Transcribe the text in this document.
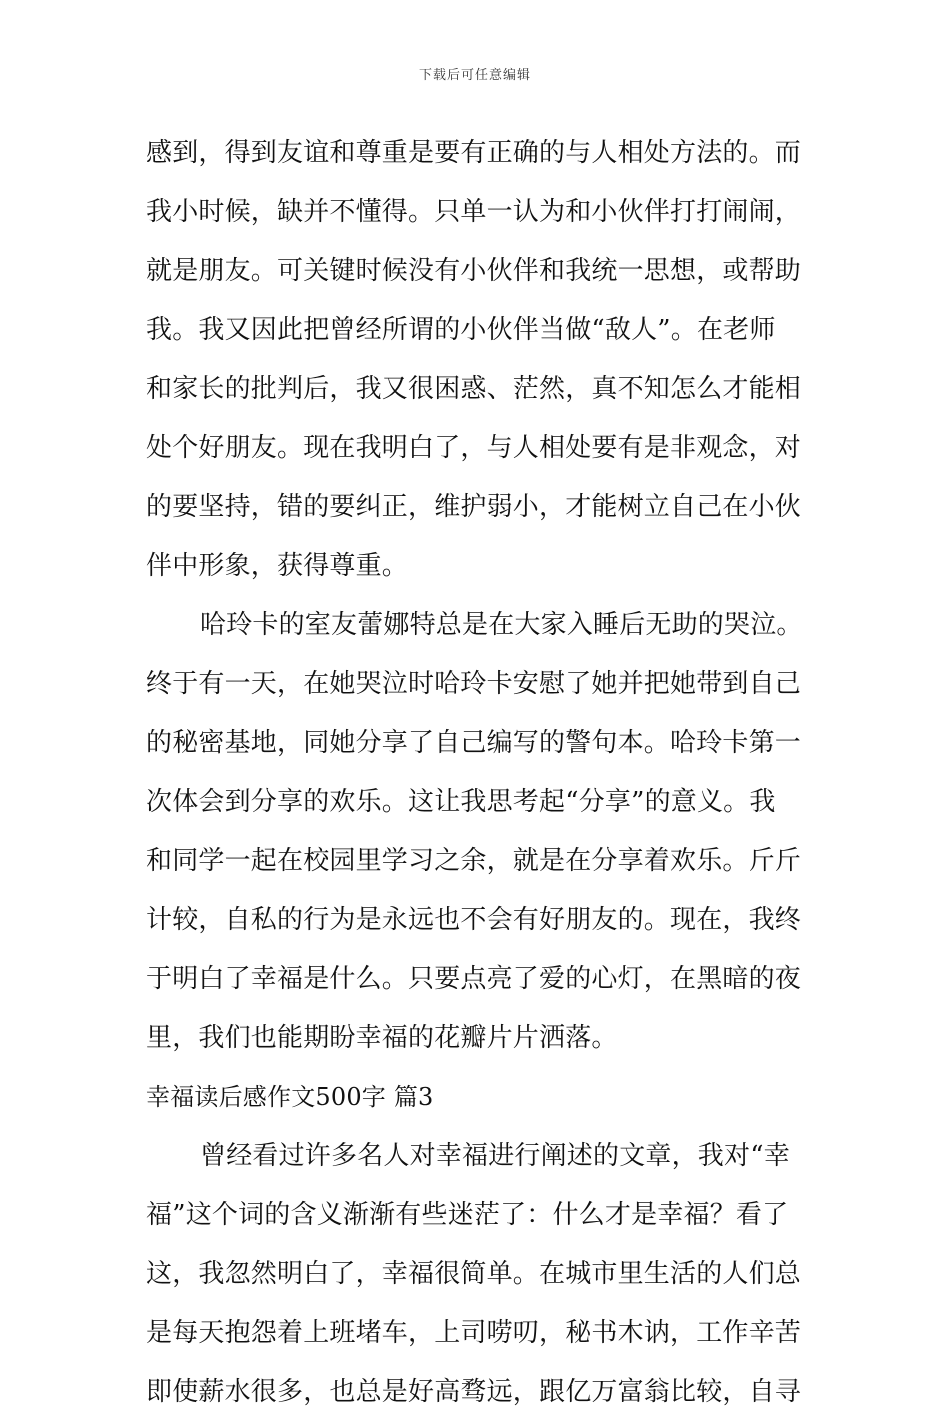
下载后可任意编辑
感到，得到友谊和尊重是要有正确的与人相处方法的。而
我小时候，缺并不懂得。只单一认为和小伙伴打打闹闹，
就是朋友。可关键时候没有小伙伴和我统一思想，或帮助
我。我又因此把曾经所谓的小伙伴当做“敌人”。在老师
和家长的批判后，我又很困惑、茫然，真不知怎么才能相
处个好朋友。现在我明白了，与人相处要有是非观念，对
的要坚持，错的要纠正，维护弱小，才能树立自己在小伙
伴中形象，获得尊重。
哈玲卡的室友蕾娜特总是在大家入睡后无助的哭泣。
终于有一天，在她哭泣时哈玲卡安慰了她并把她带到自己
的秘密基地，同她分享了自己编写的警句本。哈玲卡第一
次体会到分享的欢乐。这让我思考起“分享”的意义。我
和同学一起在校园里学习之余，就是在分享着欢乐。斤斤
计较，自私的行为是永远也不会有好朋友的。现在，我终
于明白了幸福是什么。只要点亮了爱的心灯，在黑暗的夜
里，我们也能期盼幸福的花瓣片片洒落。
幸福读后感作文500字 篇3
曾经看过许多名人对幸福进行阐述的文章，我对“幸
福”这个词的含义渐渐有些迷茫了：什么才是幸福？看了
这，我忽然明白了，幸福很简单。在城市里生活的人们总
是每天抱怨着上班堵车，上司唠叨，秘书木讷，工作辛苦
即使薪水很多，也总是好高骛远，跟亿万富翁比较，自寻
